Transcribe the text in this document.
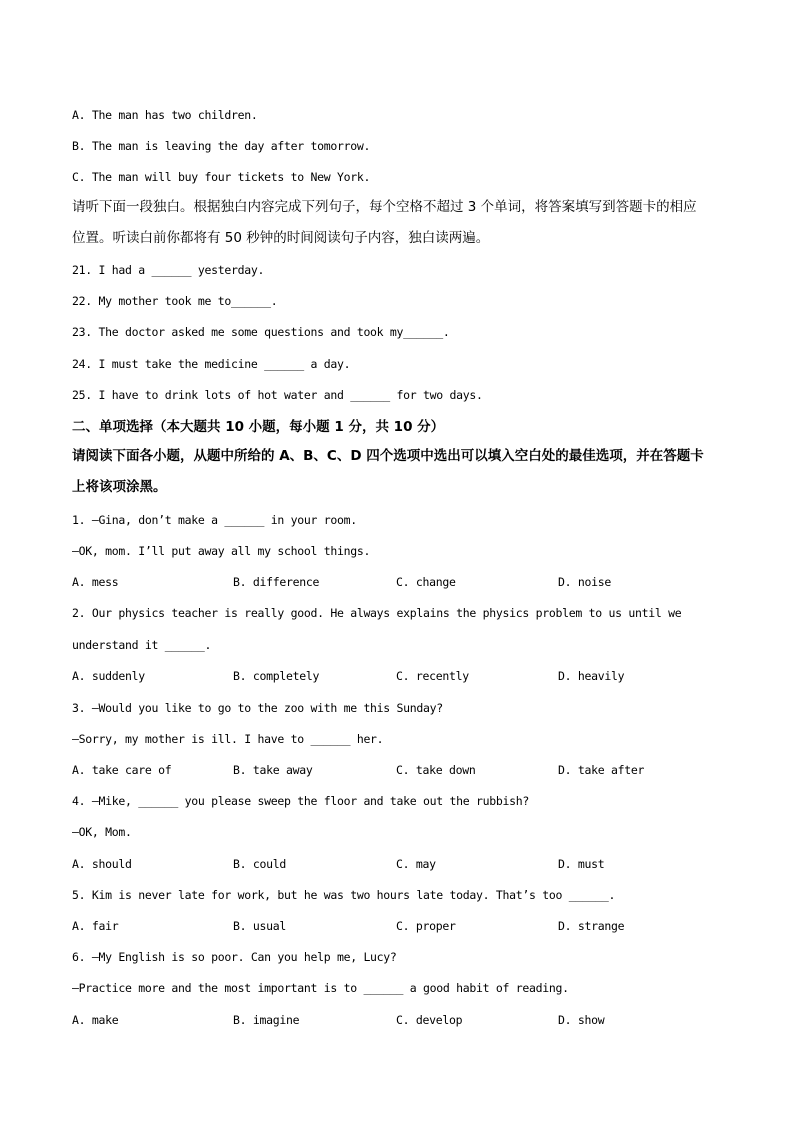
A. The man has two children.
B. The man is leaving the day after tomorrow.
C. The man will buy four tickets to New York.
请听下面一段独白。根据独白内容完成下列句子，每个空格不超过 3 个单词，将答案填写到答题卡的相应
位置。听读白前你都将有 50 秒钟的时间阅读句子内容，独白读两遍。
21. I had a ______ yesterday.
22. My mother took me to______.
23. The doctor asked me some questions and took my______.
24. I must take the medicine ______ a day.
25. I have to drink lots of hot water and ______ for two days.
二、单项选择（本大题共 10 小题，每小题 1 分，共 10 分）
请阅读下面各小题，从题中所给的 A、B、C、D 四个选项中选出可以填入空白处的最佳选项，并在答题卡
上将该项涂黑。
1. —Gina, don’t make a ______ in your room.
—OK, mom. I’ll put away all my school things.
A. mess	B. difference	C. change	D. noise
2. Our physics teacher is really good. He always explains the physics problem to us until we
understand it ______.
A. suddenly	B. completely	C. recently	D. heavily
3. —Would you like to go to the zoo with me this Sunday?
—Sorry, my mother is ill. I have to ______ her.
A. take care of	B. take away	C. take down	D. take after
4. —Mike, ______ you please sweep the floor and take out the rubbish?
—OK, Mom.
A. should	B. could	C. may	D. must
5. Kim is never late for work, but he was two hours late today. That’s too ______.
A. fair	B. usual	C. proper	D. strange
6. —My English is so poor. Can you help me, Lucy?
—Practice more and the most important is to ______ a good habit of reading.
A. make	B. imagine	C. develop	D. show
